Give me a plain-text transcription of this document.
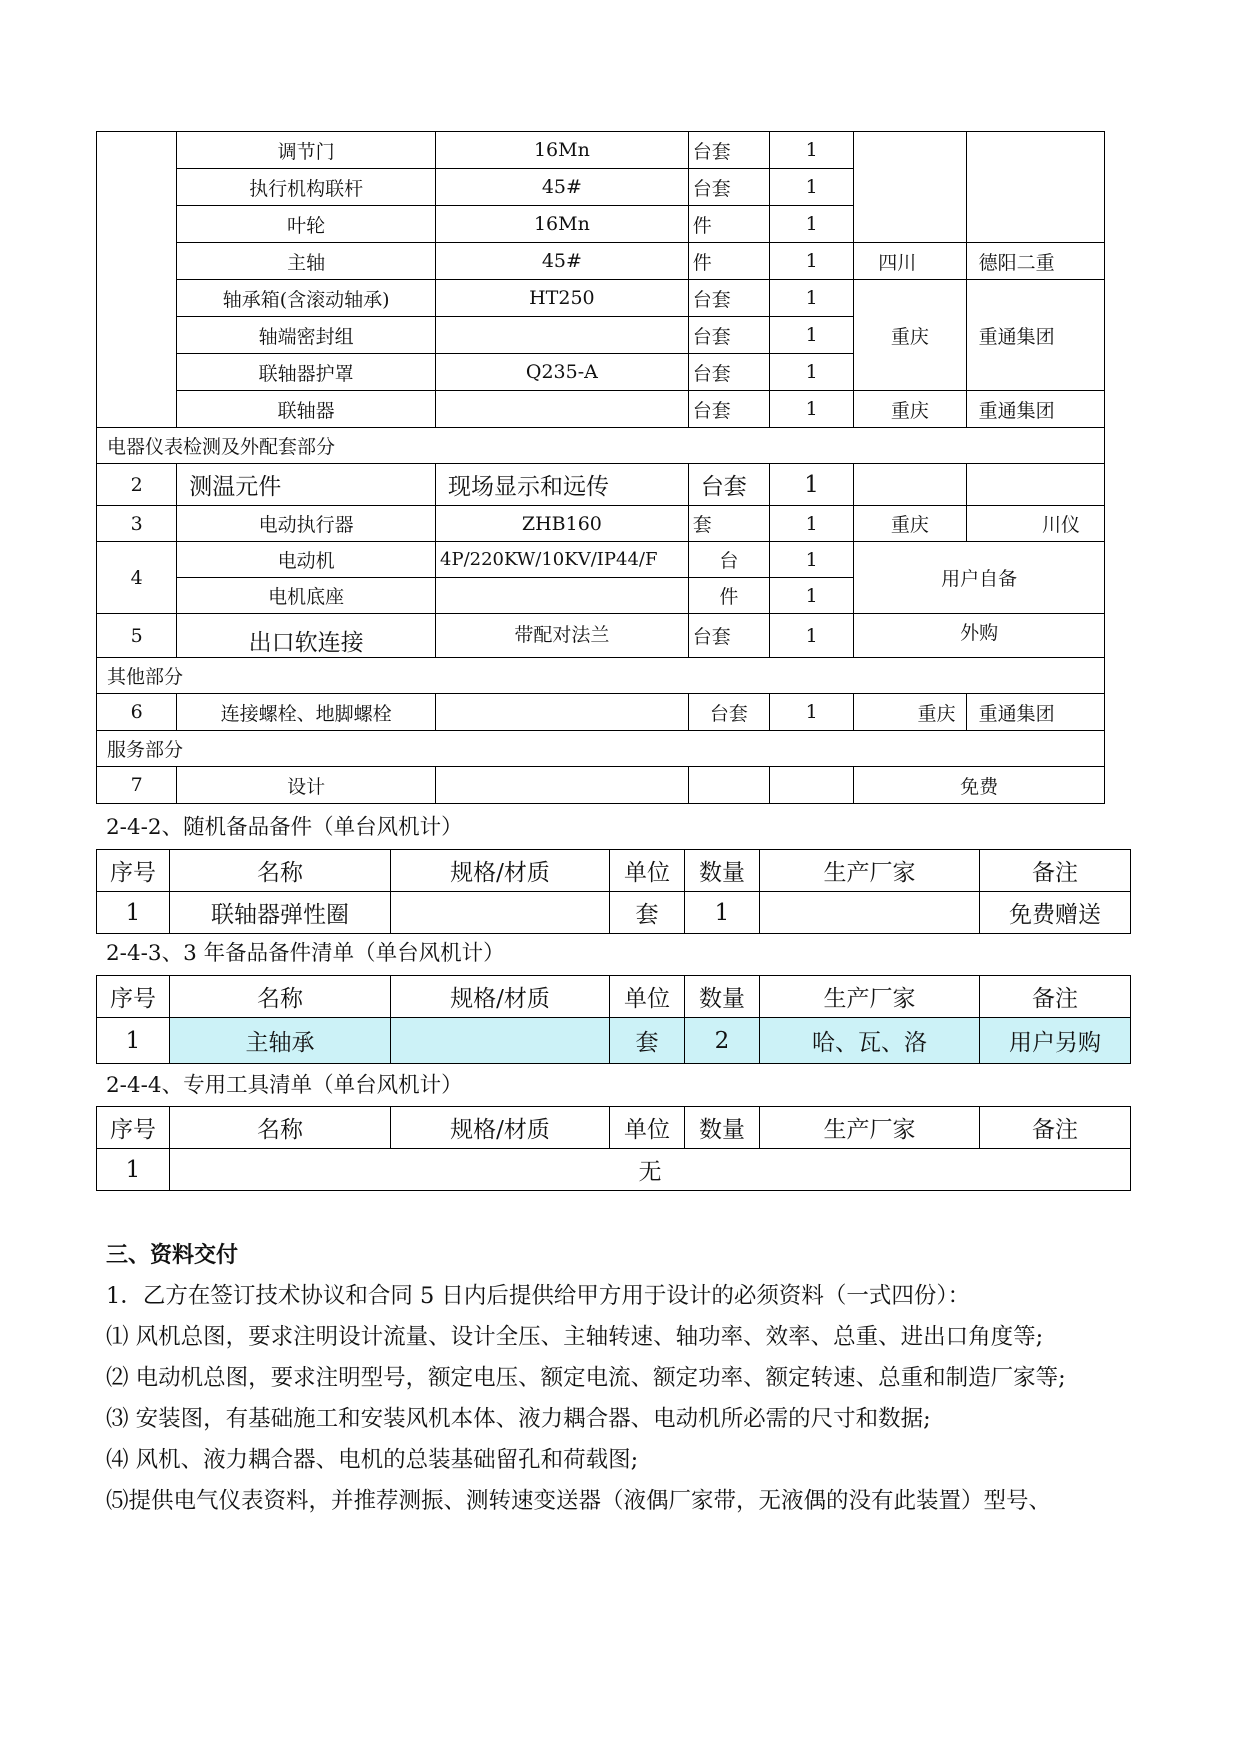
	调节门	16Mn	台套	1		
	执行机构联杆	45#	台套	1		
	叶轮	16Mn	件	1		
	主轴	45#	件	1	四川	德阳二重
	轴承箱(含滚动轴承)	HT250	台套	1	重庆	重通集团
	轴端密封组		台套	1		
	联轴器护罩	Q235-A	台套	1		
	联轴器		台套	1	重庆	重通集团
电器仪表检测及外配套部分						
2	测温元件	现场显示和远传	台套	1		
3	电动执行器	ZHB160	套	1	重庆	川仪
4	电动机	4P/220KW/10KV/IP44/F	台	1	用户自备	
	电机底座		件	1		
5	出口软连接	带配对法兰	台套	1	外购	
其他部分						
6	连接螺栓、地脚螺栓		台套	1	重庆	重通集团
服务部分						
7	设计				免费	
2-4-2、随机备品备件（单台风机计）
序号	名称	规格/材质	单位	数量	生产厂家	备注
1	联轴器弹性圈		套	1		免费赠送
2-4-3、3 年备品备件清单（单台风机计）
序号	名称	规格/材质	单位	数量	生产厂家	备注
1	主轴承		套	2	哈、瓦、洛	用户另购
2-4-4、专用工具清单（单台风机计）
序号	名称	规格/材质	单位	数量	生产厂家	备注
1	无					
三、资料交付

1．乙方在签订技术协议和合同 5 日内后提供给甲方用于设计的必须资料（一式四份）：

⑴ 风机总图，要求注明设计流量、设计全压、主轴转速、轴功率、效率、总重、进出口角度等;

⑵ 电动机总图，要求注明型号，额定电压、额定电流、额定功率、额定转速、总重和制造厂家等;

⑶ 安装图，有基础施工和安装风机本体、液力耦合器、电动机所必需的尺寸和数据;

⑷ 风机、液力耦合器、电机的总装基础留孔和荷载图;

⑸提供电气仪表资料，并推荐测振、测转速变送器（液偶厂家带，无液偶的没有此装置）型号、
